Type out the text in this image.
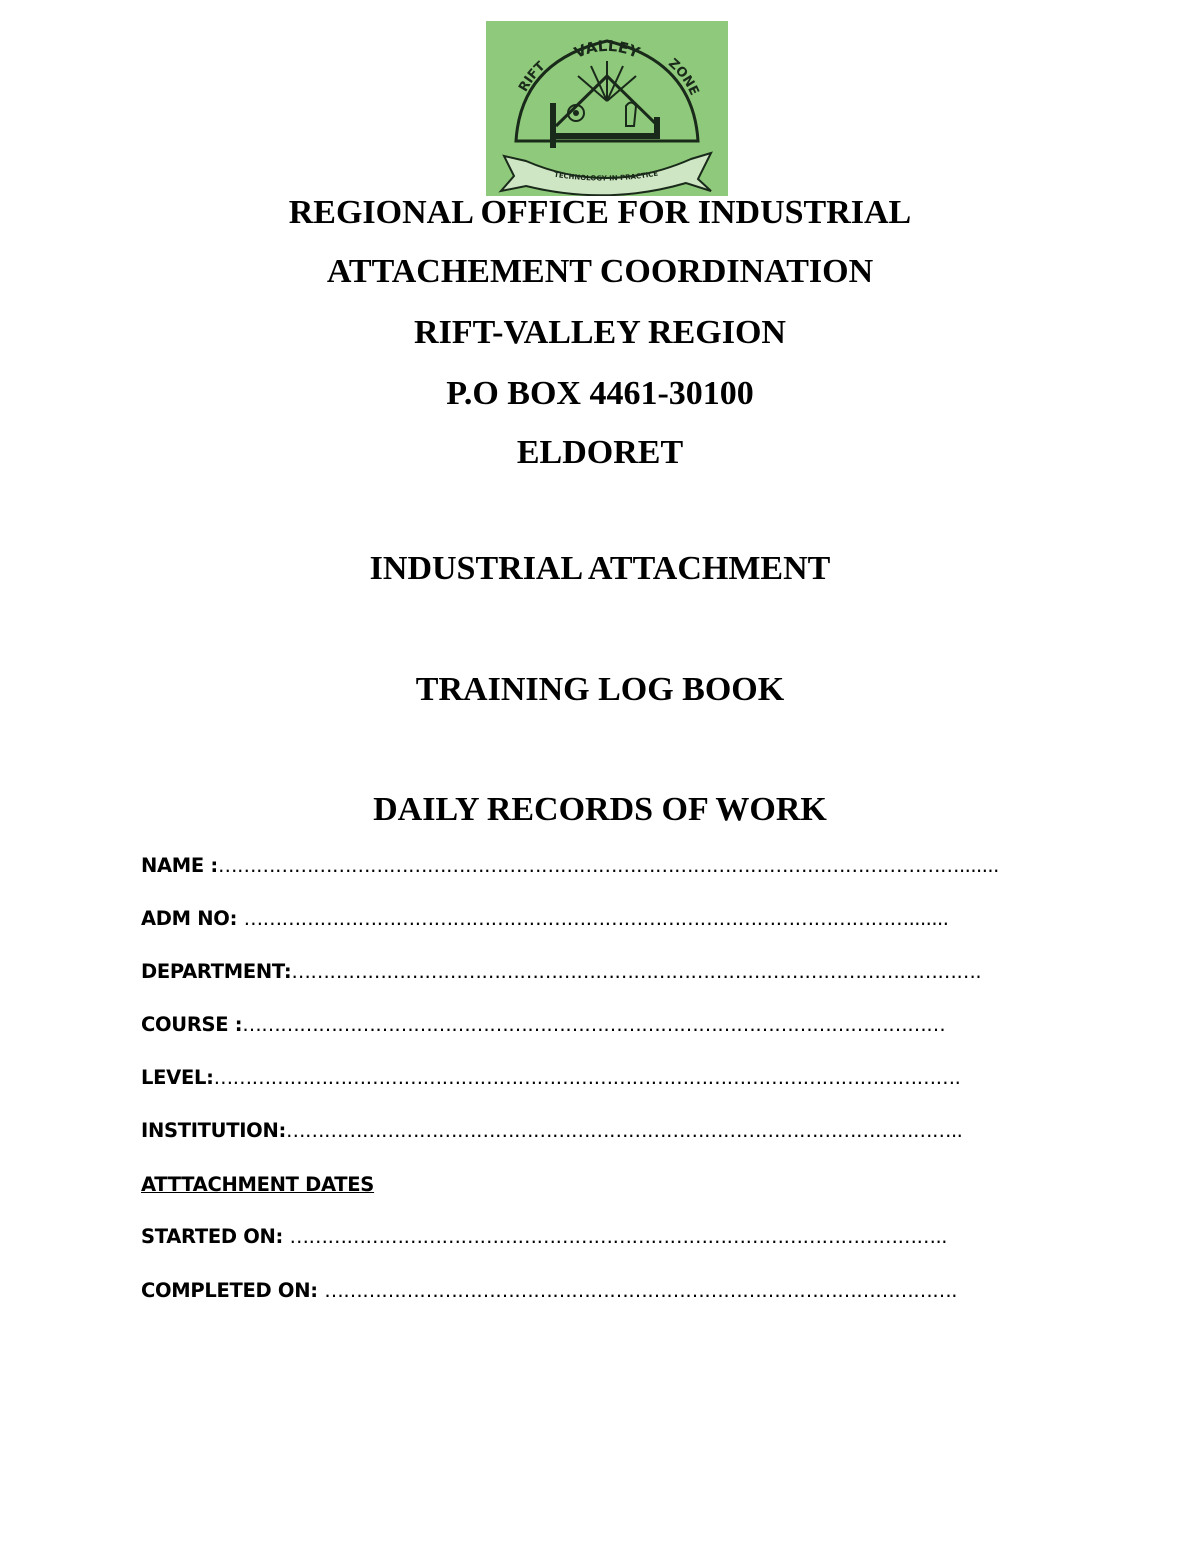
VALLEY
RIFT	ZONE
TECHNOLOGY IN PRACTICE
REGIONAL OFFICE FOR INDUSTRIAL
ATTACHEMENT COORDINATION
RIFT-VALLEY REGION
P.O BOX 4461-30100
ELDORET
INDUSTRIAL ATTACHMENT
TRAINING LOG BOOK
DAILY RECORDS OF WORK
NAME :……………………………………………………………………………………………………….......
ADM NO: …………………………………………………………………………………………….......
DEPARTMENT:……………………………………………………………………………………………….
COURSE :…………………………………………………………………………………………………
LEVEL:……………………………………………………………………………………………………….
INSTITUTION:……………………………………………………………………………………………..
ATTTACHMENT DATES
STARTED ON: …………………………………………………………………………………………..
COMPLETED ON: ……………………………………………………………………………………….
